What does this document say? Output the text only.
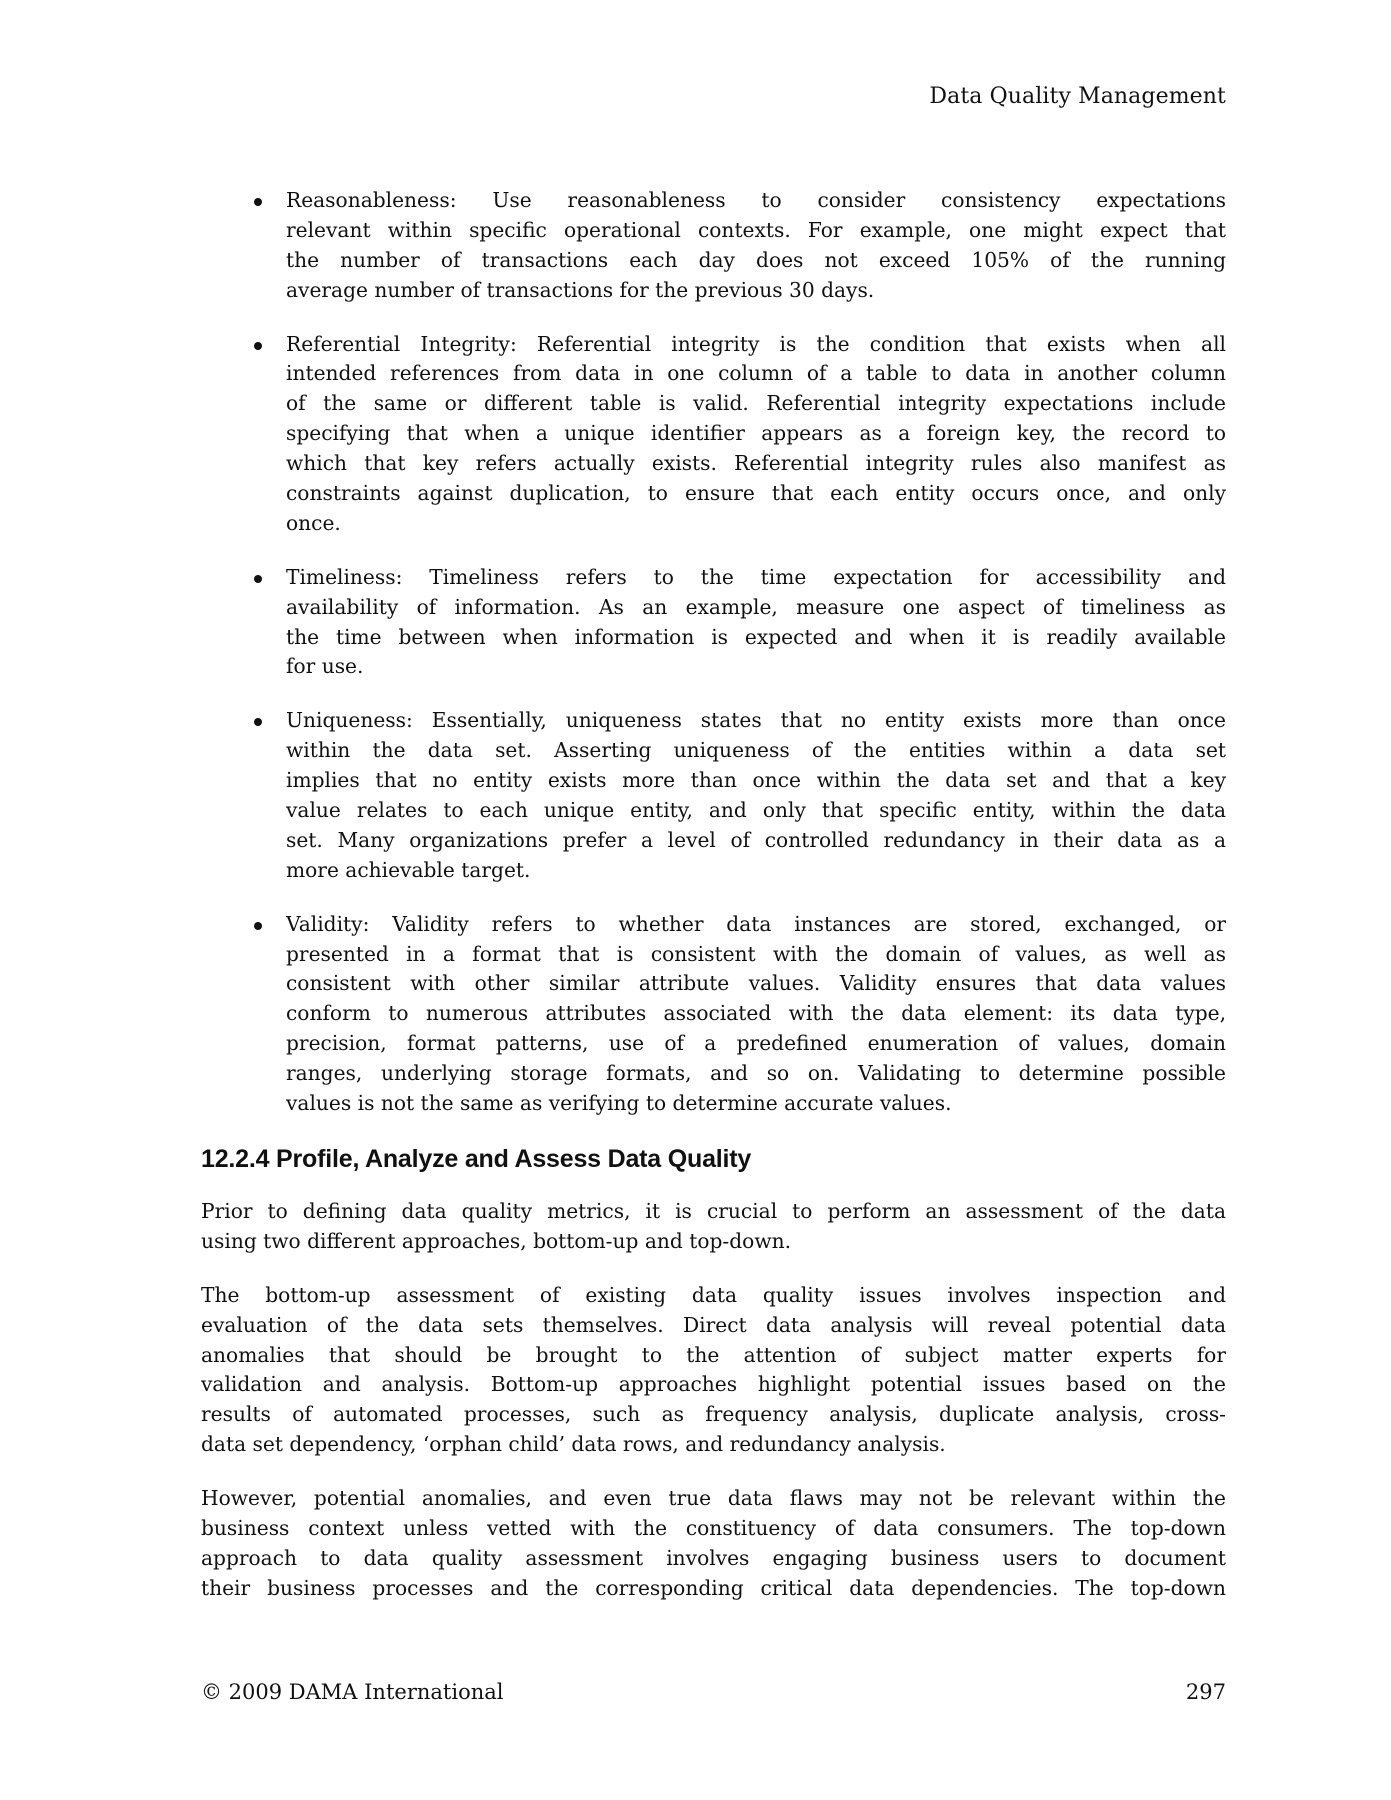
Data Quality Management
Reasonableness: Use reasonableness to consider consistency expectations
relevant within specific operational contexts. For example, one might expect that
the number of transactions each day does not exceed 105% of the running
average number of transactions for the previous 30 days.
Referential Integrity: Referential integrity is the condition that exists when all
intended references from data in one column of a table to data in another column
of the same or different table is valid. Referential integrity expectations include
specifying that when a unique identifier appears as a foreign key, the record to
which that key refers actually exists. Referential integrity rules also manifest as
constraints against duplication, to ensure that each entity occurs once, and only
once.
Timeliness: Timeliness refers to the time expectation for accessibility and
availability of information. As an example, measure one aspect of timeliness as
the time between when information is expected and when it is readily available
for use.
Uniqueness: Essentially, uniqueness states that no entity exists more than once
within the data set. Asserting uniqueness of the entities within a data set
implies that no entity exists more than once within the data set and that a key
value relates to each unique entity, and only that specific entity, within the data
set. Many organizations prefer a level of controlled redundancy in their data as a
more achievable target.
Validity: Validity refers to whether data instances are stored, exchanged, or
presented in a format that is consistent with the domain of values, as well as
consistent with other similar attribute values. Validity ensures that data values
conform to numerous attributes associated with the data element: its data type,
precision, format patterns, use of a predefined enumeration of values, domain
ranges, underlying storage formats, and so on. Validating to determine possible
values is not the same as verifying to determine accurate values.
12.2.4 Profile, Analyze and Assess Data Quality

Prior to defining data quality metrics, it is crucial to perform an assessment of the data
using two different approaches, bottom-up and top-down.

The bottom-up assessment of existing data quality issues involves inspection and
evaluation of the data sets themselves. Direct data analysis will reveal potential data
anomalies that should be brought to the attention of subject matter experts for
validation and analysis. Bottom-up approaches highlight potential issues based on the
results of automated processes, such as frequency analysis, duplicate analysis, cross-
data set dependency, ‘orphan child’ data rows, and redundancy analysis.

However, potential anomalies, and even true data flaws may not be relevant within the
business context unless vetted with the constituency of data consumers. The top-down
approach to data quality assessment involves engaging business users to document
their business processes and the corresponding critical data dependencies. The top-down

© 2009 DAMA International	297
